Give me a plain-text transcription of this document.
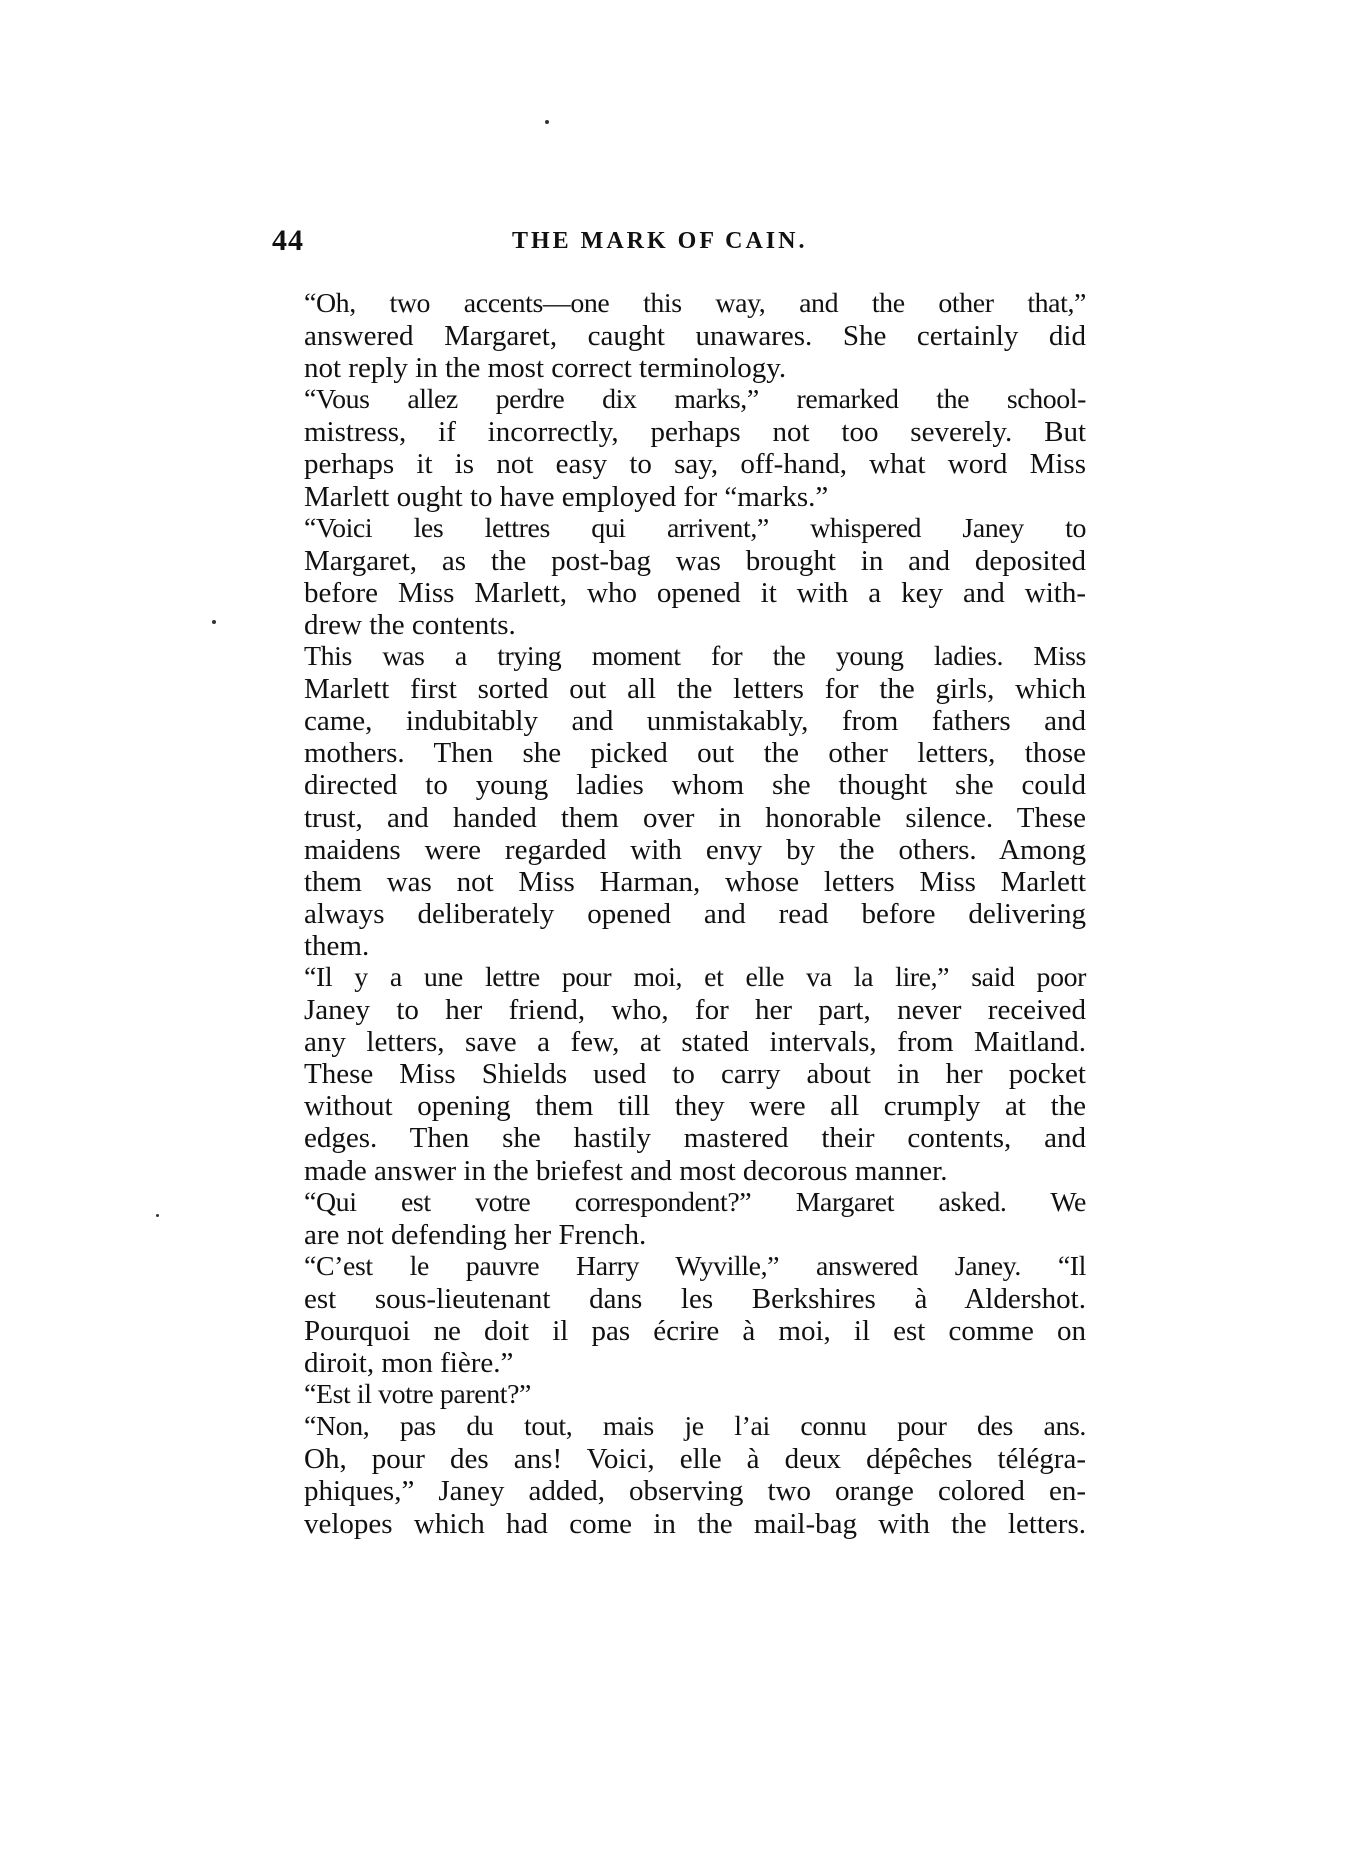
44	THE MARK OF CAIN.

“Oh, two accents—one this way, and the other that,”
answered Margaret, caught unawares. She certainly did
not reply in the most correct terminology.

“Vous allez perdre dix marks,” remarked the school-
mistress, if incorrectly, perhaps not too severely. But
perhaps it is not easy to say, off-hand, what word Miss
Marlett ought to have employed for “marks.”

“Voici les lettres qui arrivent,” whispered Janey to
Margaret, as the post-bag was brought in and deposited
before Miss Marlett, who opened it with a key and with-
drew the contents.

This was a trying moment for the young ladies. Miss
Marlett first sorted out all the letters for the girls, which
came, indubitably and unmistakably, from fathers and
mothers. Then she picked out the other letters, those
directed to young ladies whom she thought she could
trust, and handed them over in honorable silence. These
maidens were regarded with envy by the others. Among
them was not Miss Harman, whose letters Miss Marlett
always deliberately opened and read before delivering
them.

“Il y a une lettre pour moi, et elle va la lire,” said poor
Janey to her friend, who, for her part, never received
any letters, save a few, at stated intervals, from Maitland.
These Miss Shields used to carry about in her pocket
without opening them till they were all crumply at the
edges. Then she hastily mastered their contents, and
made answer in the briefest and most decorous manner.

“Qui est votre correspondent?” Margaret asked. We
are not defending her French.

“C’est le pauvre Harry Wyville,” answered Janey. “Il
est sous-lieutenant dans les Berkshires à Aldershot.
Pourquoi ne doit il pas écrire à moi, il est comme on
diroit, mon fière.”

“Est il votre parent?”

“Non, pas du tout, mais je l’ai connu pour des ans.
Oh, pour des ans! Voici, elle à deux dépêches télégra-
phiques,” Janey added, observing two orange colored en-
velopes which had come in the mail-bag with the letters.
